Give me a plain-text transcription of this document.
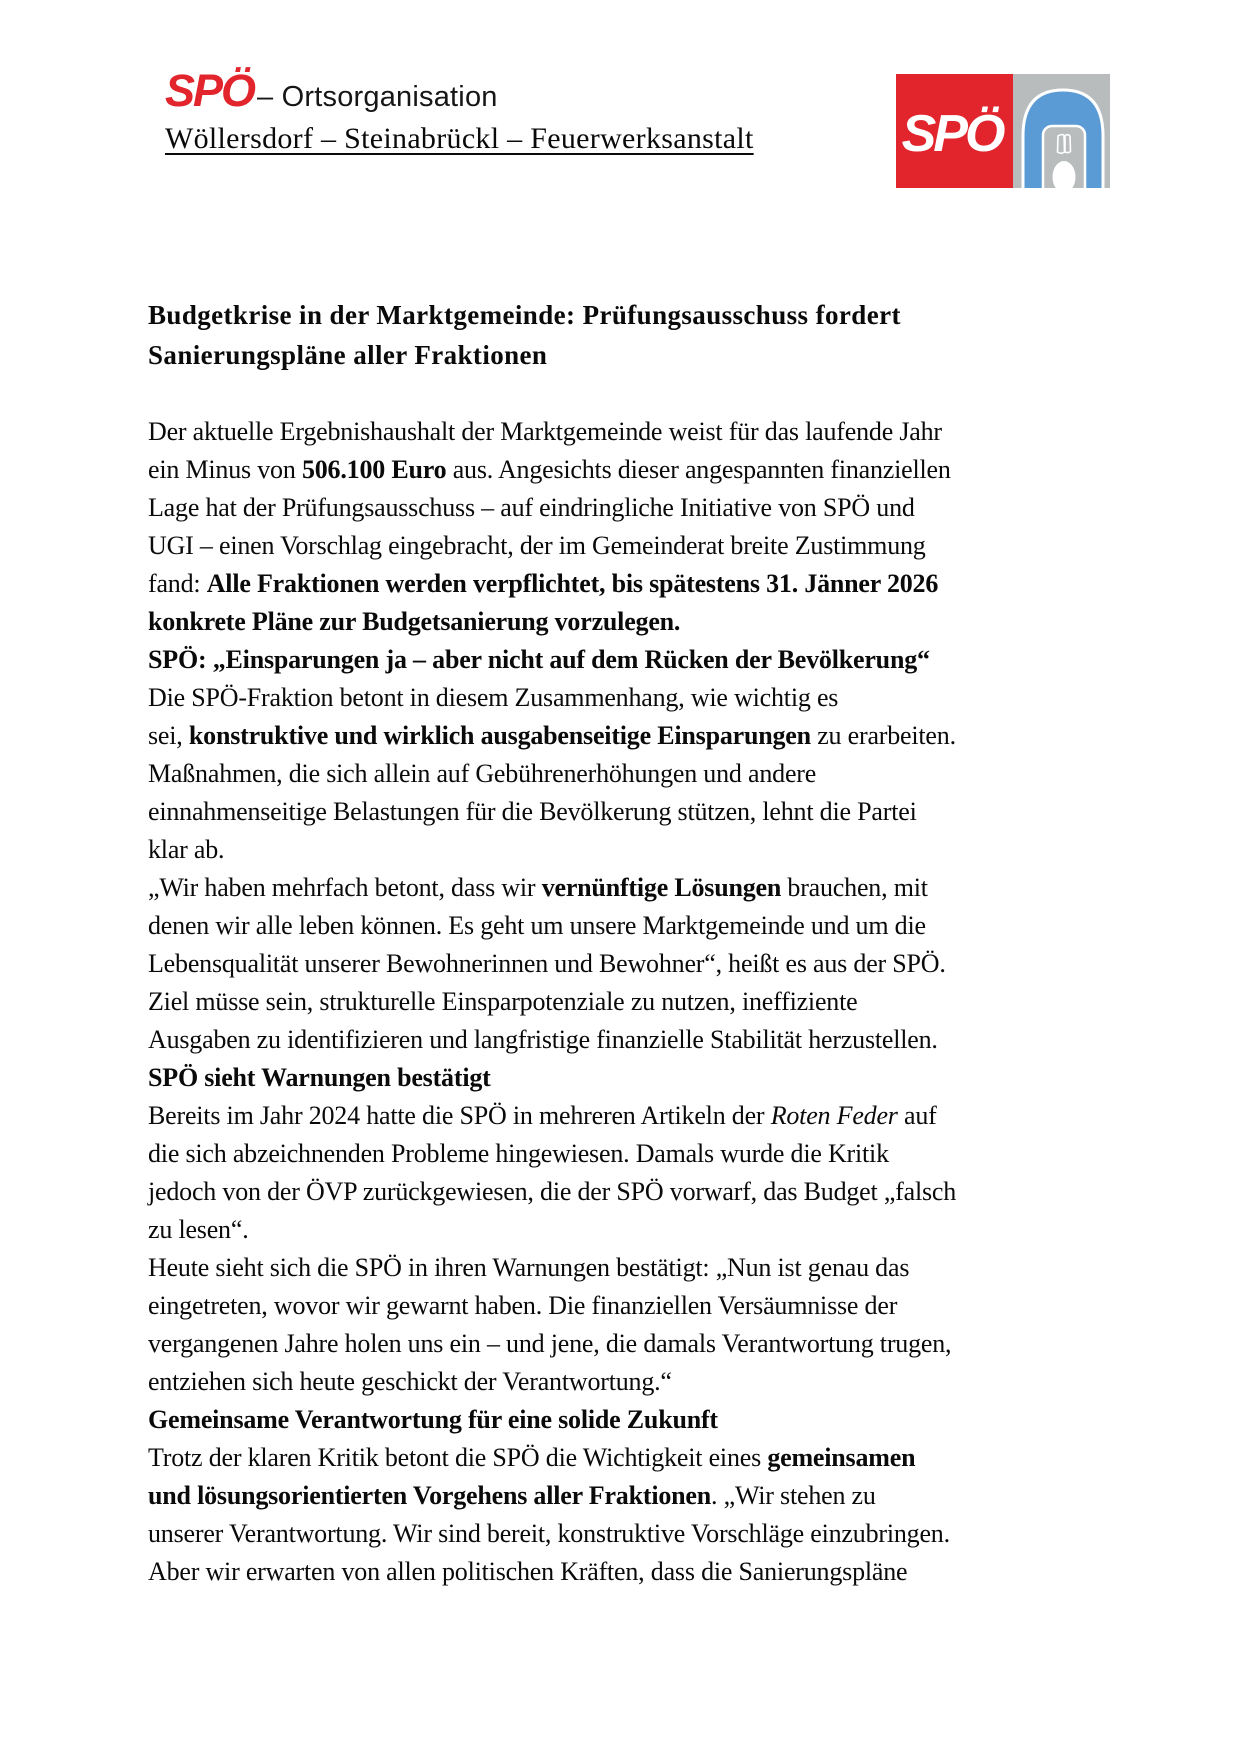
SPÖ – Ortsorganisation
Wöllersdorf – Steinabrückl – Feuerwerksanstalt	SPÖ
Budgetkrise in der Marktgemeinde: Prüfungsausschuss fordert
Sanierungspläne aller Fraktionen
Der aktuelle Ergebnishaushalt der Marktgemeinde weist für das laufende Jahr
ein Minus von 506.100 Euro aus. Angesichts dieser angespannten finanziellen
Lage hat der Prüfungsausschuss – auf eindringliche Initiative von SPÖ und
UGI – einen Vorschlag eingebracht, der im Gemeinderat breite Zustimmung
fand: Alle Fraktionen werden verpflichtet, bis spätestens 31. Jänner 2026
konkrete Pläne zur Budgetsanierung vorzulegen.
SPÖ: „Einsparungen ja – aber nicht auf dem Rücken der Bevölkerung“
Die SPÖ-Fraktion betont in diesem Zusammenhang, wie wichtig es
sei, konstruktive und wirklich ausgabenseitige Einsparungen zu erarbeiten.
Maßnahmen, die sich allein auf Gebührenerhöhungen und andere
einnahmenseitige Belastungen für die Bevölkerung stützen, lehnt die Partei
klar ab.
„Wir haben mehrfach betont, dass wir vernünftige Lösungen brauchen, mit
denen wir alle leben können. Es geht um unsere Marktgemeinde und um die
Lebensqualität unserer Bewohnerinnen und Bewohner“, heißt es aus der SPÖ.
Ziel müsse sein, strukturelle Einsparpotenziale zu nutzen, ineffiziente
Ausgaben zu identifizieren und langfristige finanzielle Stabilität herzustellen.
SPÖ sieht Warnungen bestätigt
Bereits im Jahr 2024 hatte die SPÖ in mehreren Artikeln der Roten Feder auf
die sich abzeichnenden Probleme hingewiesen. Damals wurde die Kritik
jedoch von der ÖVP zurückgewiesen, die der SPÖ vorwarf, das Budget „falsch
zu lesen“.
Heute sieht sich die SPÖ in ihren Warnungen bestätigt: „Nun ist genau das
eingetreten, wovor wir gewarnt haben. Die finanziellen Versäumnisse der
vergangenen Jahre holen uns ein – und jene, die damals Verantwortung trugen,
entziehen sich heute geschickt der Verantwortung.“
Gemeinsame Verantwortung für eine solide Zukunft
Trotz der klaren Kritik betont die SPÖ die Wichtigkeit eines gemeinsamen
und lösungsorientierten Vorgehens aller Fraktionen. „Wir stehen zu
unserer Verantwortung. Wir sind bereit, konstruktive Vorschläge einzubringen.
Aber wir erwarten von allen politischen Kräften, dass die Sanierungspläne
